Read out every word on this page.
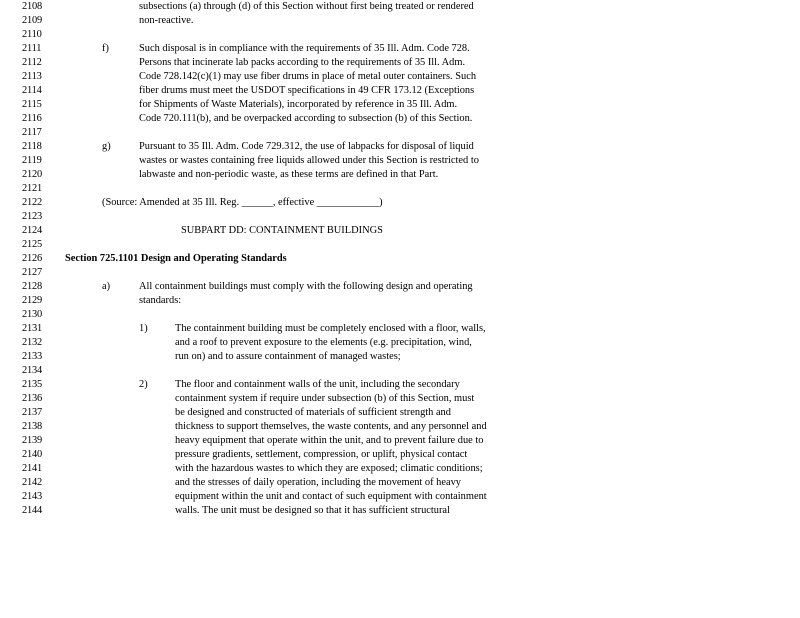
2108	subsections (a) through (d) of this Section without first being treated or rendered
2109	non-reactive.
2110
2111	f)	Such disposal is in compliance with the requirements of 35 Ill. Adm. Code 728.
2112	Persons that incinerate lab packs according to the requirements of 35 Ill. Adm.
2113	Code 728.142(c)(1) may use fiber drums in place of metal outer containers. Such
2114	fiber drums must meet the USDOT specifications in 49 CFR 173.12 (Exceptions
2115	for Shipments of Waste Materials), incorporated by reference in 35 Ill. Adm.
2116	Code 720.111(b), and be overpacked according to subsection (b) of this Section.
2117
2118	g)	Pursuant to 35 Ill. Adm. Code 729.312, the use of labpacks for disposal of liquid
2119	wastes or wastes containing free liquids allowed under this Section is restricted to
2120	labwaste and non-periodic waste, as these terms are defined in that Part.
2121
2122	(Source: Amended at 35 Ill. Reg. ______, effective ____________)
2123
2124	SUBPART DD: CONTAINMENT BUILDINGS
2125
2126	Section 725.1101 Design and Operating Standards
2127
2128	a)	All containment buildings must comply with the following design and operating
2129	standards:
2130
2131	1)	The containment building must be completely enclosed with a floor, walls,
2132	and a roof to prevent exposure to the elements (e.g. precipitation, wind,
2133	run on) and to assure containment of managed wastes;
2134
2135	2)	The floor and containment walls of the unit, including the secondary
2136	containment system if require under subsection (b) of this Section, must
2137	be designed and constructed of materials of sufficient strength and
2138	thickness to support themselves, the waste contents, and any personnel and
2139	heavy equipment that operate within the unit, and to prevent failure due to
2140	pressure gradients, settlement, compression, or uplift, physical contact
2141	with the hazardous wastes to which they are exposed; climatic conditions;
2142	and the stresses of daily operation, including the movement of heavy
2143	equipment within the unit and contact of such equipment with containment
2144	walls. The unit must be designed so that it has sufficient structural
